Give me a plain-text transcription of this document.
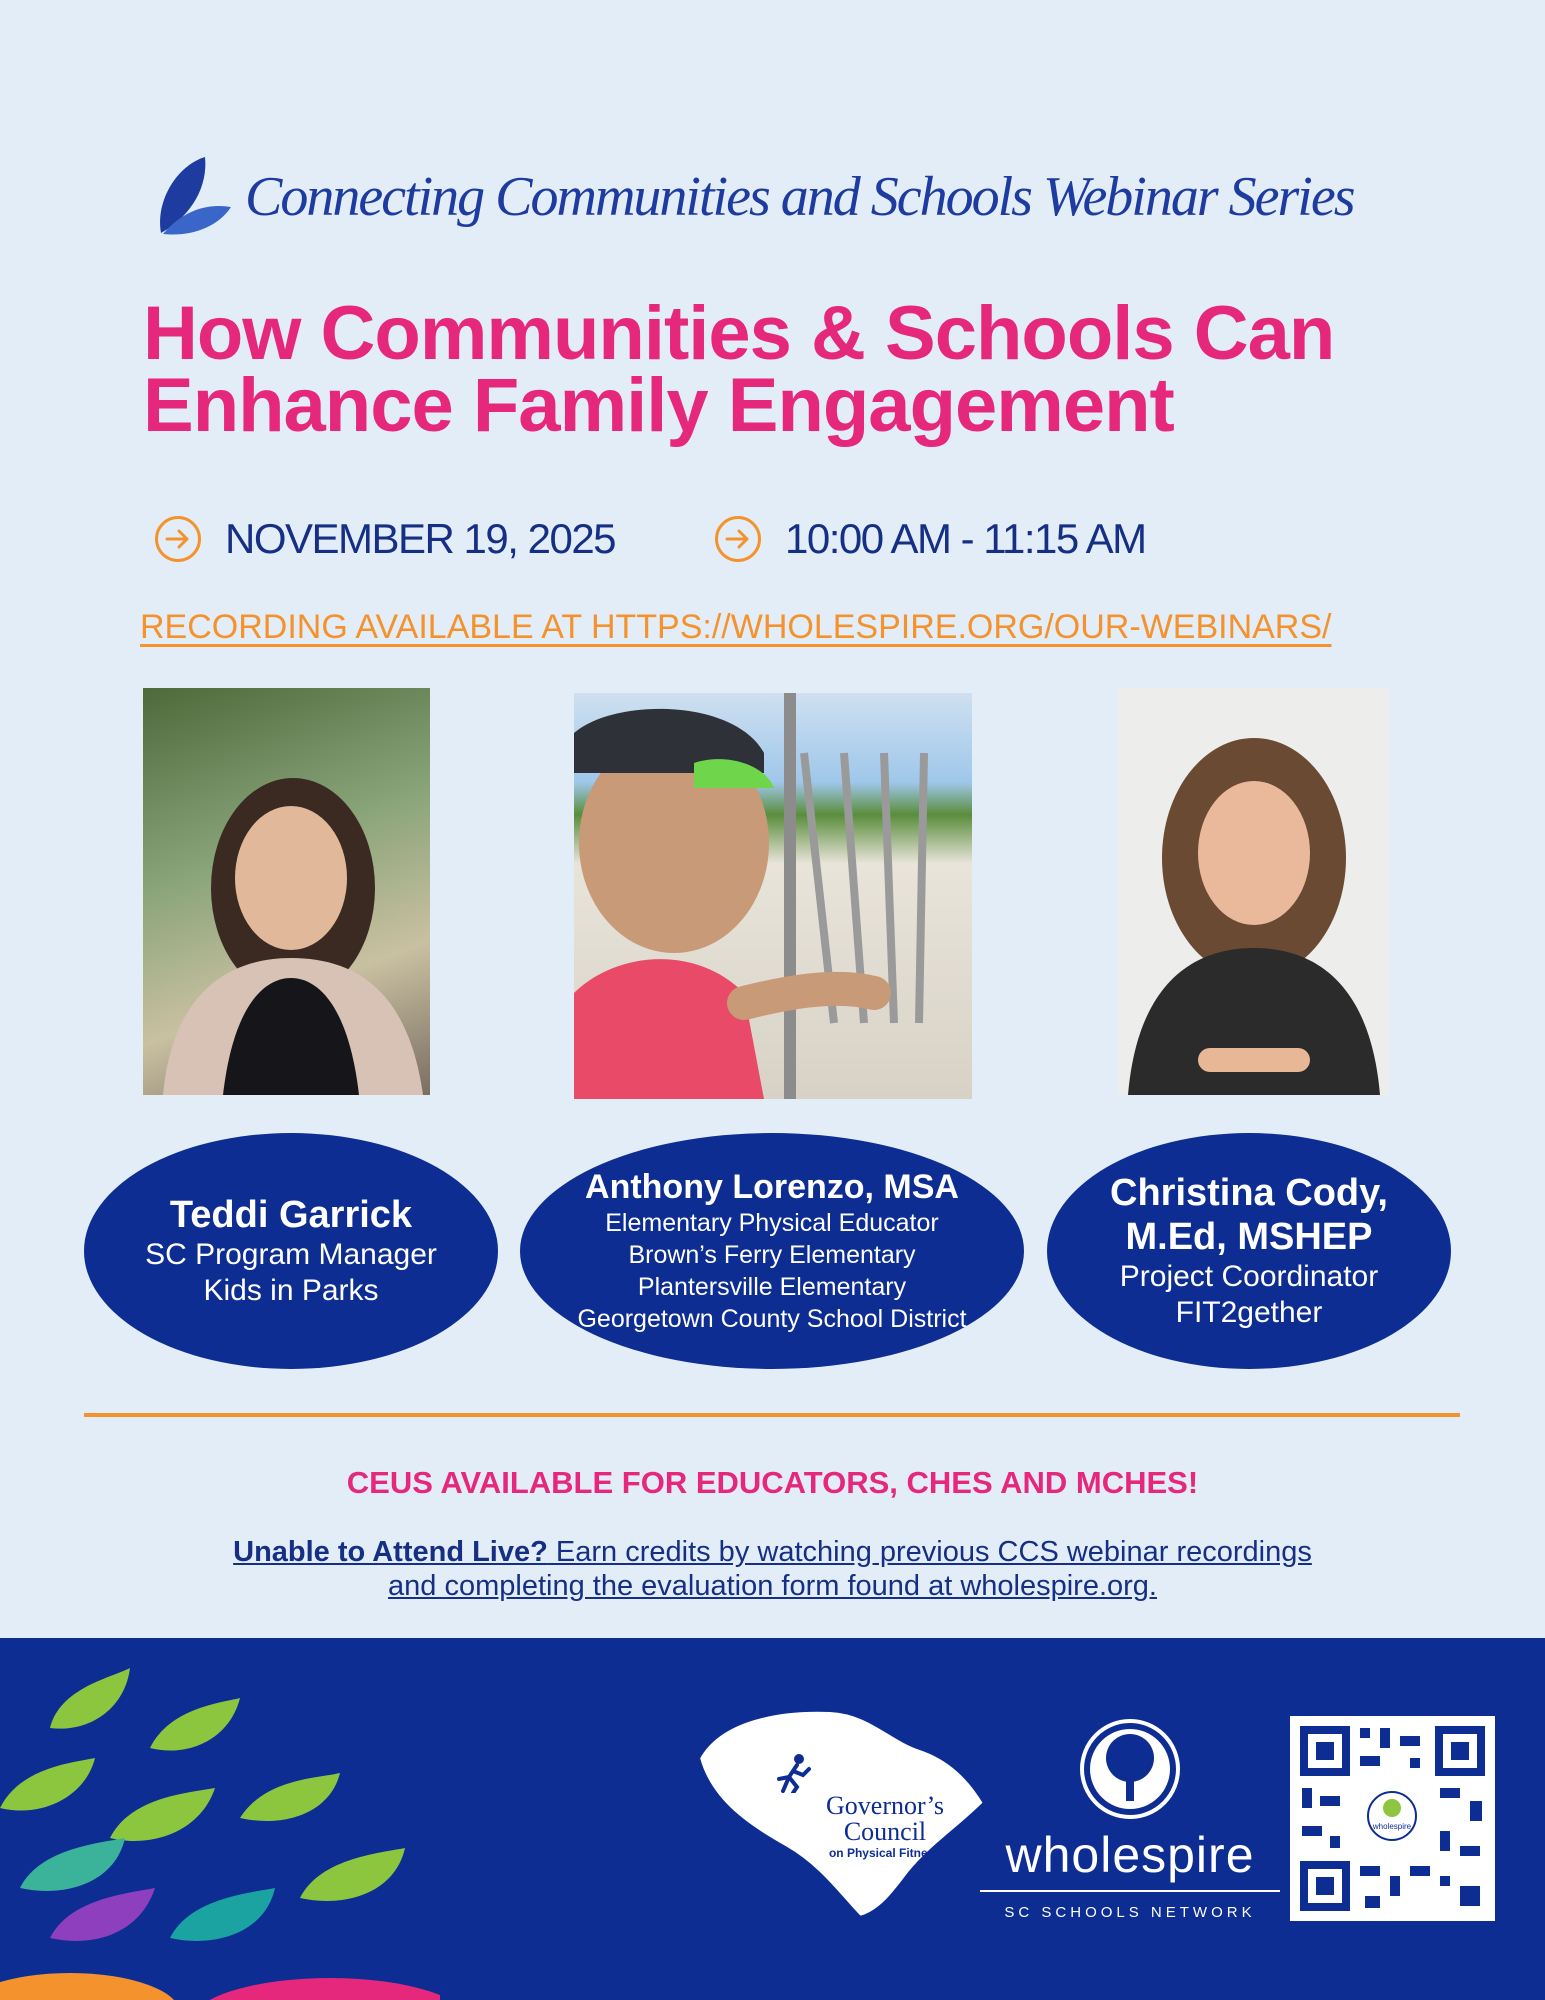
Connecting Communities and Schools Webinar Series
How Communities & Schools Can
Enhance Family Engagement
NOVEMBER 19, 2025	10:00 AM - 11:15 AM
RECORDING AVAILABLE AT HTTPS://WHOLESPIRE.ORG/OUR-WEBINARS/
Teddi Garrick
SC Program Manager
Kids in Parks
Anthony Lorenzo, MSA
Elementary Physical Educator
Brown’s Ferry Elementary
Plantersville Elementary
Georgetown County School District
Christina Cody,
M.Ed, MSHEP
Project Coordinator
FIT2gether
CEUS AVAILABLE FOR EDUCATORS, CHES AND MCHES!
Unable to Attend Live? Earn credits by watching previous CCS webinar recordings
and completing the evaluation form found at wholespire.org.
Governor’s
Council
on Physical Fitness	wholespire
SC SCHOOLS NETWORK
wholespire
